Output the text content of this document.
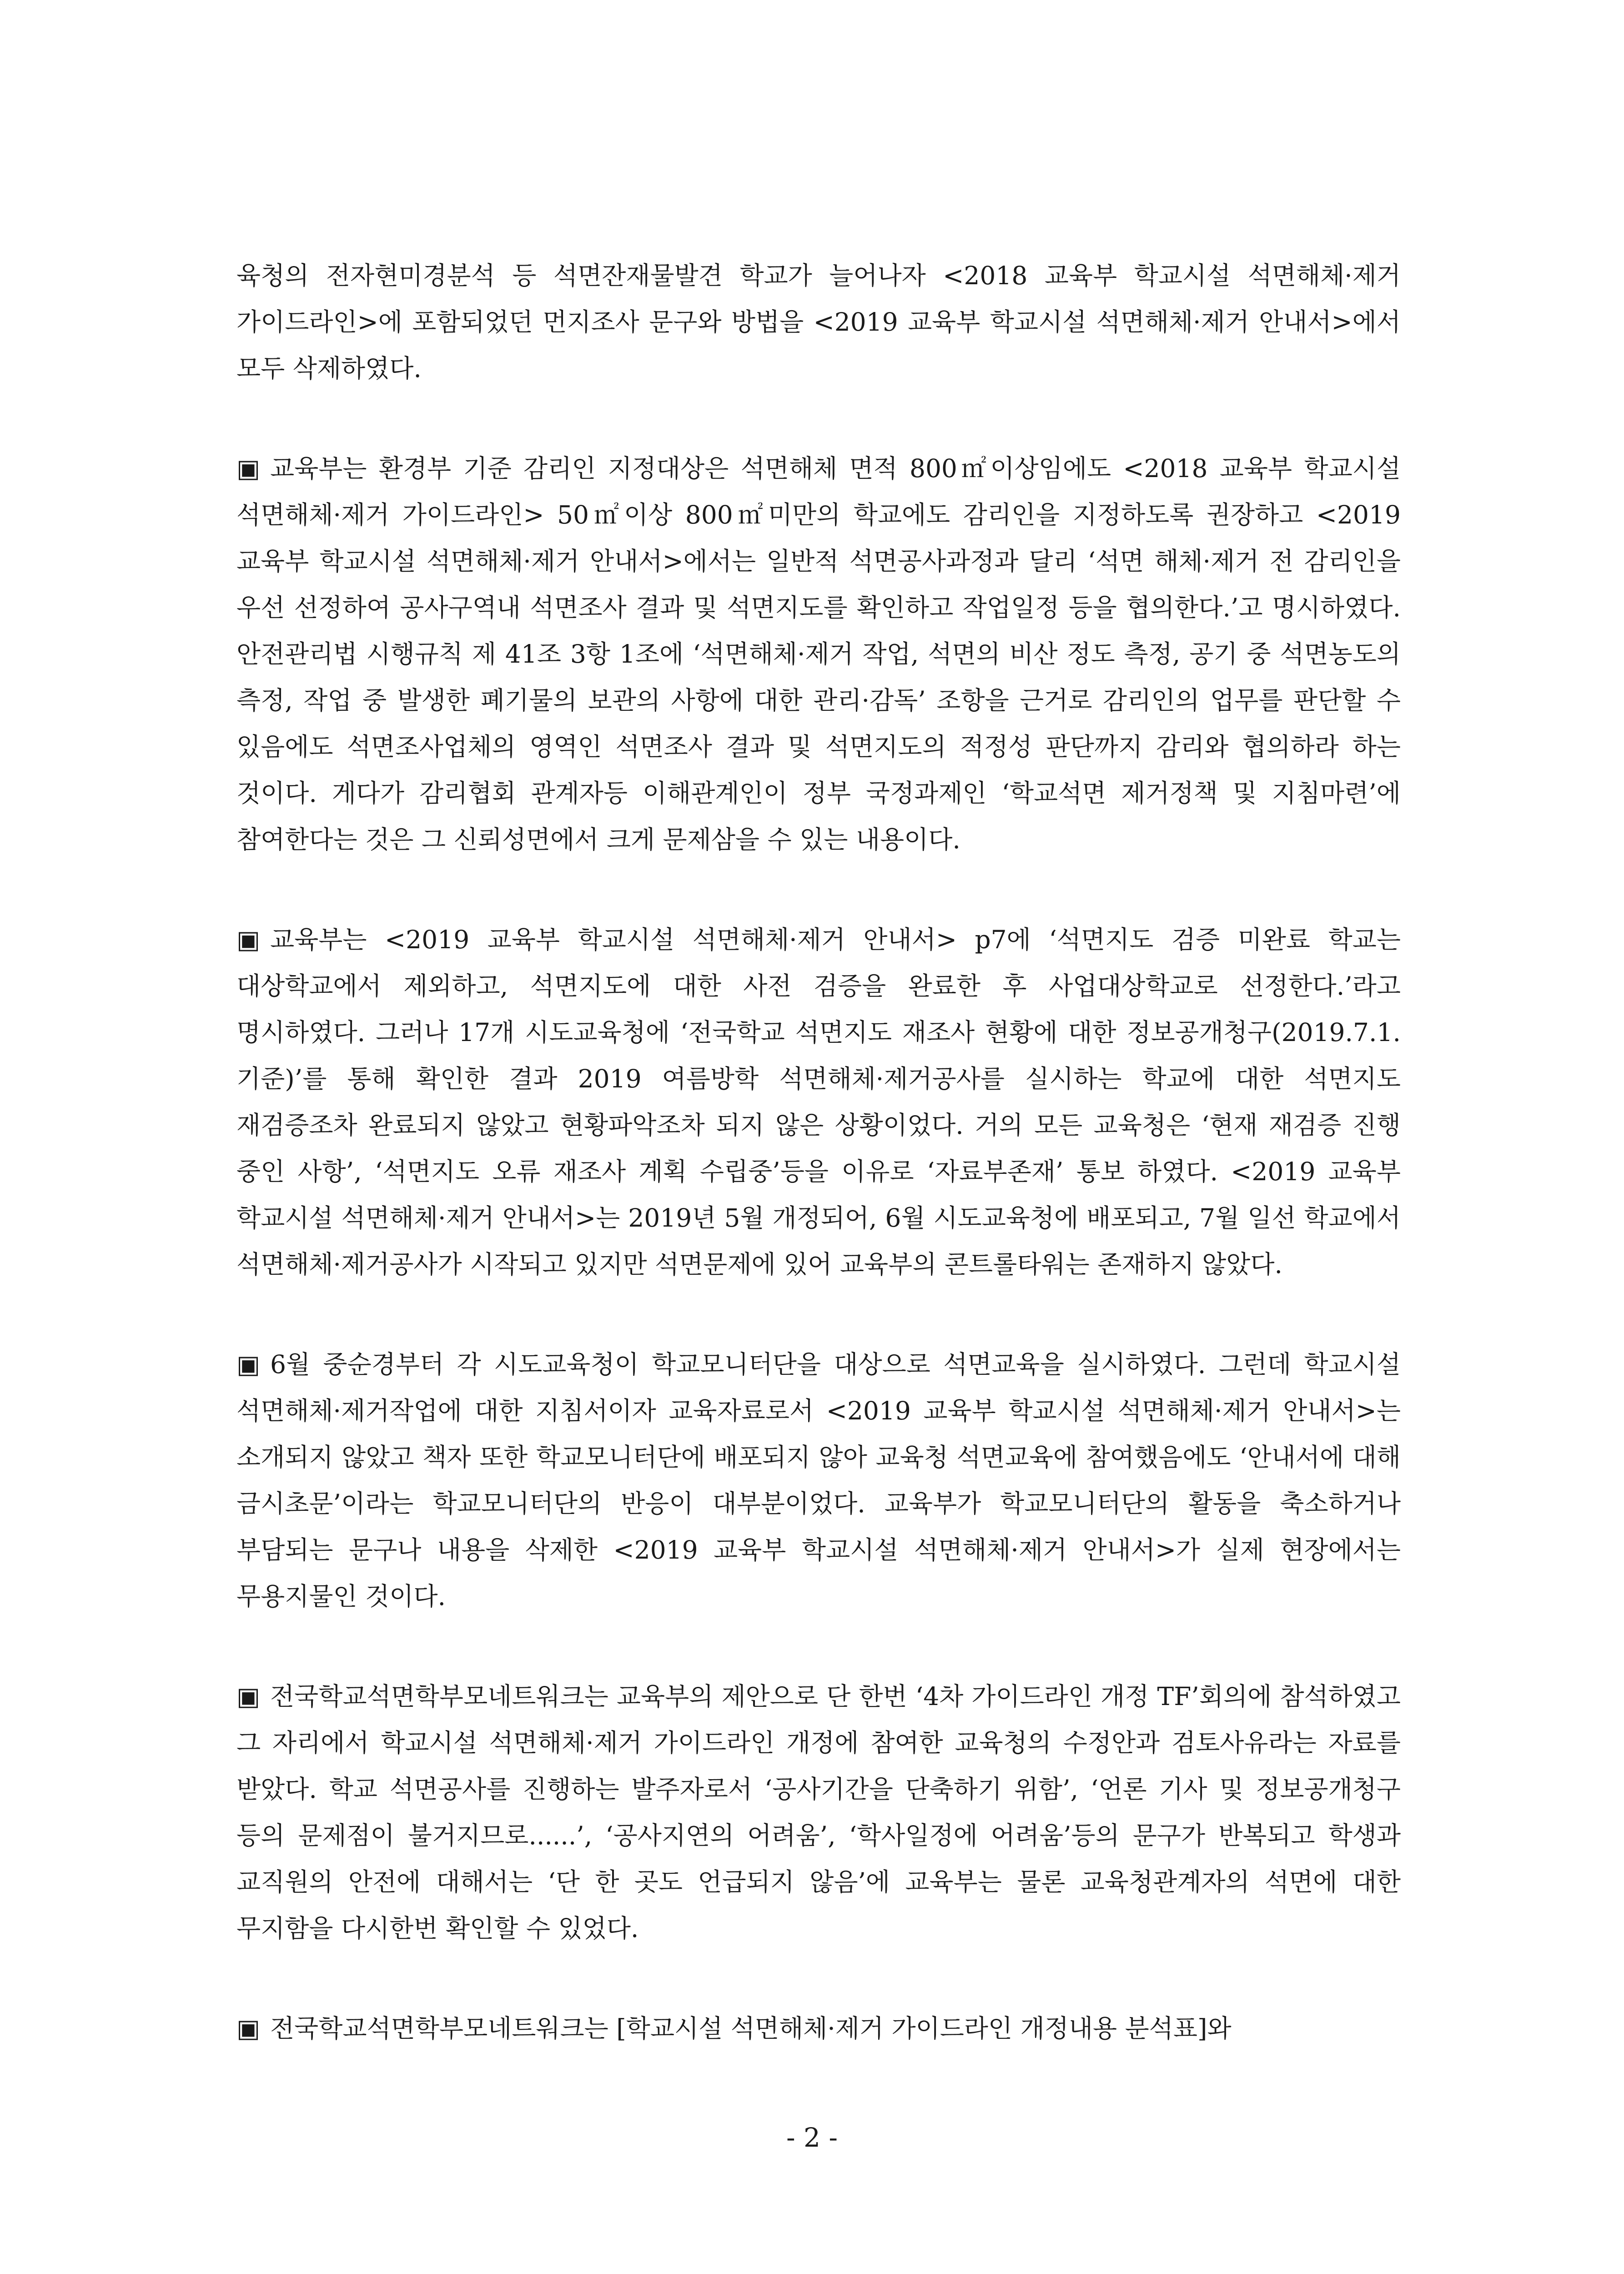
육청의 전자현미경분석 등 석면잔재물발견 학교가 늘어나자 <2018 교육부 학교시설 석면해체·제거 가이드라인>에 포함되었던 먼지조사 문구와 방법을 <2019 교육부 학교시설 석면해체·제거 안내서>에서 모두 삭제하였다.

▣ 교육부는 환경부 기준 감리인 지정대상은 석면해체 면적 800㎡이상임에도 <2018 교육부 학교시설 석면해체·제거 가이드라인> 50㎡이상 800㎡미만의 학교에도 감리인을 지정하도록 권장하고 <2019 교육부 학교시설 석면해체·제거 안내서>에서는 일반적 석면공사과정과 달리 ‘석면 해체·제거 전 감리인을 우선 선정하여 공사구역내 석면조사 결과 및 석면지도를 확인하고 작업일정 등을 협의한다.’고 명시하였다. 안전관리법 시행규칙 제 41조 3항 1조에 ‘석면해체·제거 작업, 석면의 비산 정도 측정, 공기 중 석면농도의 측정, 작업 중 발생한 폐기물의 보관의 사항에 대한 관리·감독’ 조항을 근거로 감리인의 업무를 판단할 수 있음에도 석면조사업체의 영역인 석면조사 결과 및 석면지도의 적정성 판단까지 감리와 협의하라 하는 것이다. 게다가 감리협회 관계자등 이해관계인이 정부 국정과제인 ‘학교석면 제거정책 및 지침마련’에 참여한다는 것은 그 신뢰성면에서 크게 문제삼을 수 있는 내용이다.

▣ 교육부는 <2019 교육부 학교시설 석면해체·제거 안내서> p7에 ‘석면지도 검증 미완료 학교는 대상학교에서 제외하고, 석면지도에 대한 사전 검증을 완료한 후 사업대상학교로 선정한다.’라고 명시하였다. 그러나 17개 시도교육청에 ‘전국학교 석면지도 재조사 현황에 대한 정보공개청구(2019.7.1.기준)’를 통해 확인한 결과 2019 여름방학 석면해체·제거공사를 실시하는 학교에 대한 석면지도 재검증조차 완료되지 않았고 현황파악조차 되지 않은 상황이었다. 거의 모든 교육청은 ‘현재 재검증 진행 중인 사항’, ‘석면지도 오류 재조사 계획 수립중’등을 이유로 ‘자료부존재’ 통보 하였다. <2019 교육부 학교시설 석면해체·제거 안내서>는 2019년 5월 개정되어, 6월 시도교육청에 배포되고, 7월 일선 학교에서 석면해체·제거공사가 시작되고 있지만 석면문제에 있어 교육부의 콘트롤타워는 존재하지 않았다.

▣ 6월 중순경부터 각 시도교육청이 학교모니터단을 대상으로 석면교육을 실시하였다. 그런데 학교시설 석면해체·제거작업에 대한 지침서이자 교육자료로서 <2019 교육부 학교시설 석면해체·제거 안내서>는 소개되지 않았고 책자 또한 학교모니터단에 배포되지 않아 교육청 석면교육에 참여했음에도 ‘안내서에 대해 금시초문’이라는 학교모니터단의 반응이 대부분이었다. 교육부가 학교모니터단의 활동을 축소하거나 부담되는 문구나 내용을 삭제한 <2019 교육부 학교시설 석면해체·제거 안내서>가 실제 현장에서는 무용지물인 것이다.

▣ 전국학교석면학부모네트워크는 교육부의 제안으로 단 한번 ‘4차 가이드라인 개정 TF’회의에 참석하였고 그 자리에서 학교시설 석면해체·제거 가이드라인 개정에 참여한 교육청의 수정안과 검토사유라는 자료를 받았다. 학교 석면공사를 진행하는 발주자로서 ‘공사기간을 단축하기 위함’, ‘언론 기사 및 정보공개청구 등의 문제점이 불거지므로......’, ‘공사지연의 어려움’, ‘학사일정에 어려움’등의 문구가 반복되고 학생과 교직원의 안전에 대해서는 ‘단 한 곳도 언급되지 않음’에 교육부는 물론 교육청관계자의 석면에 대한 무지함을 다시한번 확인할 수 있었다.

▣ 전국학교석면학부모네트워크는 [학교시설 석면해체·제거 가이드라인 개정내용 분석표]와

- 2 -
